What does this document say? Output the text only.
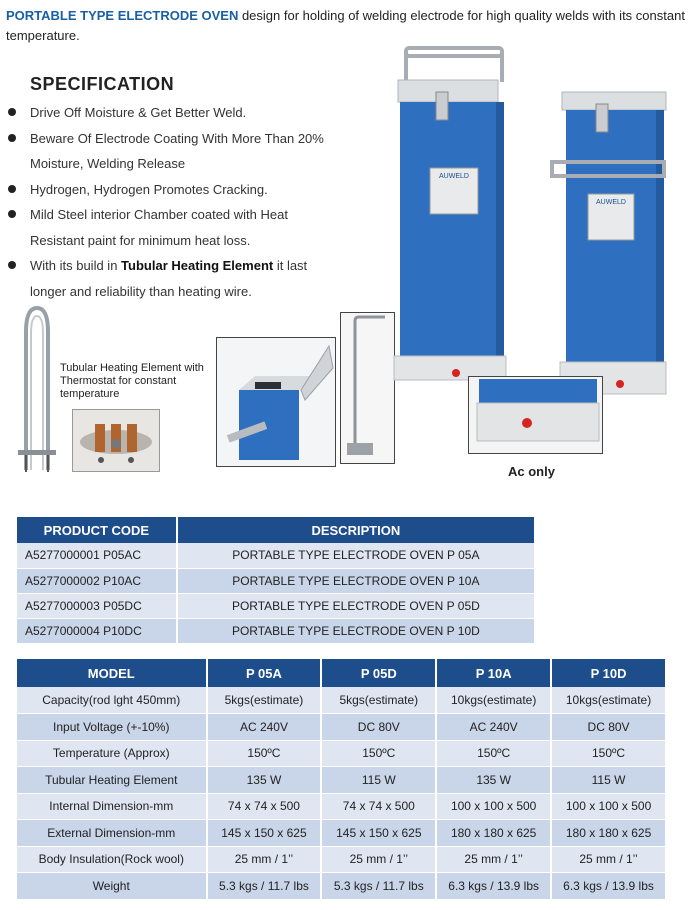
PORTABLE TYPE ELECTRODE OVEN design for holding of welding electrode for high quality welds with its constant temperature.
SPECIFICATION
Drive Off Moisture & Get Better Weld.
Beware Of Electrode Coating With More Than 20% Moisture, Welding Release
Hydrogen, Hydrogen Promotes Cracking.
Mild Steel interior Chamber coated with Heat Resistant paint for minimum heat loss.
With its build in Tubular Heating Element it last longer and reliability than heating wire.
Tubular Heating Element with Thermostat for constant temperature
AUWELD
AUWELD
Ac only
PRODUCT CODE	DESCRIPTION
A5277000001 P05AC	PORTABLE TYPE ELECTRODE OVEN P 05A
A5277000002 P10AC	PORTABLE TYPE ELECTRODE OVEN P 10A
A5277000003 P05DC	PORTABLE TYPE ELECTRODE OVEN P 05D
A5277000004 P10DC	PORTABLE TYPE ELECTRODE OVEN P 10D
MODEL	P 05A	P 05D	P 10A	P 10D
Capacity(rod lght 450mm)	5kgs(estimate)	5kgs(estimate)	10kgs(estimate)	10kgs(estimate)
Input Voltage (+-10%)	AC 240V	DC 80V	AC 240V	DC 80V
Temperature (Approx)	150ºC	150ºC	150ºC	150ºC
Tubular Heating Element	135 W	115 W	135 W	115 W
Internal Dimension-mm	74 x 74 x 500	74 x 74 x 500	100 x 100 x 500	100 x 100 x 500
External Dimension-mm	145 x 150 x 625	145 x 150 x 625	180 x 180 x 625	180 x 180 x 625
Body Insulation(Rock wool)	25 mm / 1’’	25 mm / 1’’	25 mm / 1’’	25 mm / 1’’
Weight	5.3 kgs / 11.7 lbs	5.3 kgs / 11.7 lbs	6.3 kgs / 13.9 lbs	6.3 kgs / 13.9 lbs
